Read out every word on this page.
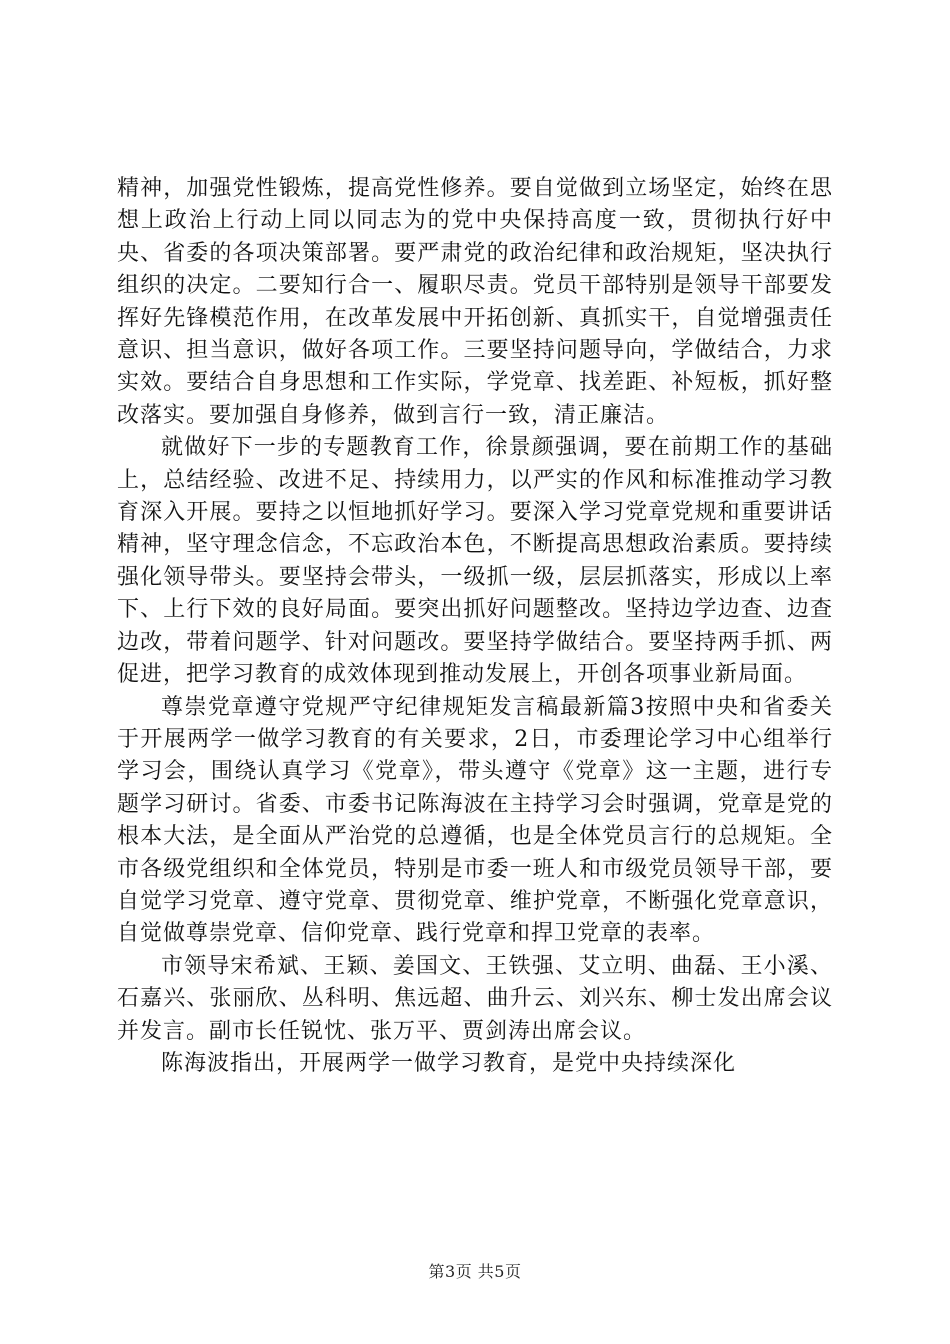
精神，加强党性锻炼，提高党性修养。要自觉做到立场坚定，始终在思想上政治上行动上同以同志为的党中央保持高度一致，贯彻执行好中央、省委的各项决策部署。要严肃党的政治纪律和政治规矩，坚决执行组织的决定。二要知行合一、履职尽责。党员干部特别是领导干部要发挥好先锋模范作用，在改革发展中开拓创新、真抓实干，自觉增强责任意识、担当意识，做好各项工作。三要坚持问题导向，学做结合，力求实效。要结合自身思想和工作实际，学党章、找差距、补短板，抓好整改落实。要加强自身修养，做到言行一致，清正廉洁。

就做好下一步的专题教育工作，徐景颜强调，要在前期工作的基础上，总结经验、改进不足、持续用力，以严实的作风和标准推动学习教育深入开展。要持之以恒地抓好学习。要深入学习党章党规和重要讲话精神，坚守理念信念，不忘政治本色，不断提高思想政治素质。要持续强化领导带头。要坚持会带头，一级抓一级，层层抓落实，形成以上率下、上行下效的良好局面。要突出抓好问题整改。坚持边学边查、边查边改，带着问题学、针对问题改。要坚持学做结合。要坚持两手抓、两促进，把学习教育的成效体现到推动发展上，开创各项事业新局面。

尊崇党章遵守党规严守纪律规矩发言稿最新篇3按照中央和省委关于开展两学一做学习教育的有关要求，2日，市委理论学习中心组举行学习会，围绕认真学习《党章》，带头遵守《党章》这一主题，进行专题学习研讨。省委、市委书记陈海波在主持学习会时强调，党章是党的根本大法，是全面从严治党的总遵循，也是全体党员言行的总规矩。全市各级党组织和全体党员，特别是市委一班人和市级党员领导干部，要自觉学习党章、遵守党章、贯彻党章、维护党章，不断强化党章意识，自觉做尊崇党章、信仰党章、践行党章和捍卫党章的表率。

市领导宋希斌、王颖、姜国文、王铁强、艾立明、曲磊、王小溪、石嘉兴、张丽欣、丛科明、焦远超、曲升云、刘兴东、柳士发出席会议并发言。副市长任锐忱、张万平、贾剑涛出席会议。

陈海波指出，开展两学一做学习教育，是党中央持续深化

第3页 共5页
